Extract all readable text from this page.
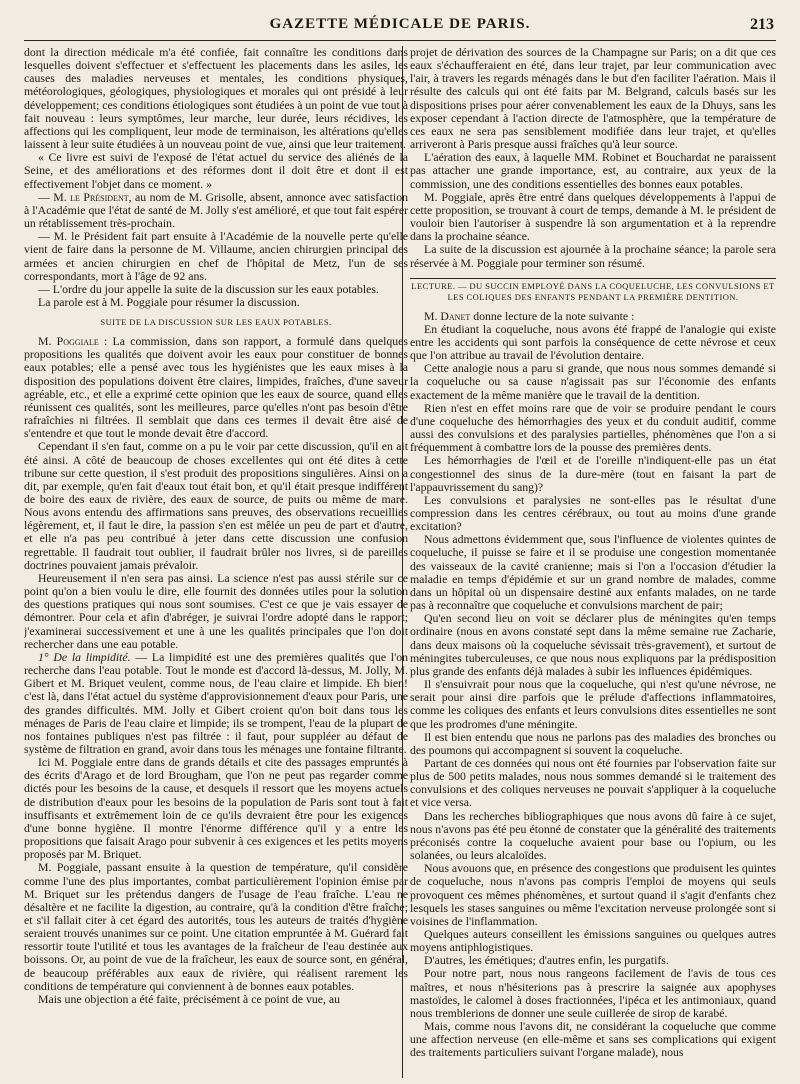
GAZETTE MÉDICALE DE PARIS.	213

dont la direction médicale m'a été confiée, fait connaître les conditions dans lesquelles doivent s'effectuer et s'effectuent les placements dans les asiles, les causes des maladies nerveuses et mentales, les conditions physiques, météorologiques, géologiques, physiologiques et morales qui ont présidé à leur développement; ces conditions étiologiques sont étudiées à un point de vue tout à fait nouveau : leurs symptômes, leur marche, leur durée, leurs récidives, les affections qui les compliquent, leur mode de terminaison, les altérations qu'elles laissent à leur suite étudiées à un nouveau point de vue, ainsi que leur traitement.

« Ce livre est suivi de l'exposé de l'état actuel du service des aliénés de la Seine, et des améliorations et des réformes dont il doit être et dont il est effectivement l'objet dans ce moment. »

— M. le Président, au nom de M. Grisolle, absent, annonce avec satisfaction à l'Académie que l'état de santé de M. Jolly s'est amélioré, et que tout fait espérer un rétablissement très-prochain.

— M. le Président fait part ensuite à l'Académie de la nouvelle perte qu'elle vient de faire dans la personne de M. Villaume, ancien chirurgien principal des armées et ancien chirurgien en chef de l'hôpital de Metz, l'un de ses correspondants, mort à l'âge de 92 ans.

— L'ordre du jour appelle la suite de la discussion sur les eaux potables.

La parole est à M. Poggiale pour résumer la discussion.

SUITE DE LA DISCUSSION SUR LES EAUX POTABLES.

M. Poggiale : La commission, dans son rapport, a formulé dans quelques propositions les qualités que doivent avoir les eaux pour constituer de bonnes eaux potables; elle a pensé avec tous les hygiénistes que les eaux mises à la disposition des populations doivent être claires, limpides, fraîches, d'une saveur agréable, etc., et elle a exprimé cette opinion que les eaux de source, quand elles réunissent ces qualités, sont les meilleures, parce qu'elles n'ont pas besoin d'être rafraîchies ni filtrées. Il semblait que dans ces termes il devait être aisé de s'entendre et que tout le monde devait être d'accord.

Cependant il s'en faut, comme on a pu le voir par cette discussion, qu'il en ait été ainsi. A côté de beaucoup de choses excellentes qui ont été dites à cette tribune sur cette question, il s'est produit des propositions singulières. Ainsi on a dit, par exemple, qu'en fait d'eaux tout était bon, et qu'il était presque indifférent de boire des eaux de rivière, des eaux de source, de puits ou même de mare. Nous avons entendu des affirmations sans preuves, des observations recueillies légèrement, et, il faut le dire, la passion s'en est mêlée un peu de part et d'autre, et elle n'a pas peu contribué à jeter dans cette discussion une confusion regrettable. Il faudrait tout oublier, il faudrait brûler nos livres, si de pareilles doctrines pouvaient jamais prévaloir.

Heureusement il n'en sera pas ainsi. La science n'est pas aussi stérile sur ce point qu'on a bien voulu le dire, elle fournit des données utiles pour la solution des questions pratiques qui nous sont soumises. C'est ce que je vais essayer de démontrer. Pour cela et afin d'abréger, je suivrai l'ordre adopté dans le rapport; j'examinerai successivement et une à une les qualités principales que l'on doit rechercher dans une eau potable.

1° De la limpidité. — La limpidité est une des premières qualités que l'on recherche dans l'eau potable. Tout le monde est d'accord là-dessus, M. Jolly, M. Gibert et M. Briquet veulent, comme nous, de l'eau claire et limpide. Eh bien! c'est là, dans l'état actuel du système d'approvisionnement d'eaux pour Paris, une des grandes difficultés. MM. Jolly et Gibert croient qu'on boit dans tous les ménages de Paris de l'eau claire et limpide; ils se trompent, l'eau de la plupart de nos fontaines publiques n'est pas filtrée : il faut, pour suppléer au défaut de système de filtration en grand, avoir dans tous les ménages une fontaine filtrante.

Ici M. Poggiale entre dans de grands détails et cite des passages empruntés à des écrits d'Arago et de lord Brougham, que l'on ne peut pas regarder comme dictés pour les besoins de la cause, et desquels il ressort que les moyens actuels de distribution d'eaux pour les besoins de la population de Paris sont tout à fait insuffisants et extrêmement loin de ce qu'ils devraient être pour les exigences d'une bonne hygiène. Il montre l'énorme différence qu'il y a entre les propositions que faisait Arago pour subvenir à ces exigences et les petits moyens proposés par M. Briquet.

M. Poggiale, passant ensuite à la question de température, qu'il considère comme l'une des plus importantes, combat particulièrement l'opinion émise par M. Briquet sur les prétendus dangers de l'usage de l'eau fraîche. L'eau ne désaltère et ne facilite la digestion, au contraire, qu'à la condition d'être fraîche; et s'il fallait citer à cet égard des autorités, tous les auteurs de traités d'hygiène seraient trouvés unanimes sur ce point. Une citation empruntée à M. Guérard fait ressortir toute l'utilité et tous les avantages de la fraîcheur de l'eau destinée aux boissons. Or, au point de vue de la fraîcheur, les eaux de source sont, en général, de beaucoup préférables aux eaux de rivière, qui réalisent rarement les conditions de température qui conviennent à de bonnes eaux potables.

Mais une objection a été faite, précisément à ce point de vue, au

projet de dérivation des sources de la Champagne sur Paris; on a dit que ces eaux s'échaufferaient en été, dans leur trajet, par leur communication avec l'air, à travers les regards ménagés dans le but d'en faciliter l'aération. Mais il résulte des calculs qui ont été faits par M. Belgrand, calculs basés sur les dispositions prises pour aérer convenablement les eaux de la Dhuys, sans les exposer cependant à l'action directe de l'atmosphère, que la température de ces eaux ne sera pas sensiblement modifiée dans leur trajet, et qu'elles arriveront à Paris presque aussi fraîches qu'à leur source.

L'aération des eaux, à laquelle MM. Robinet et Bouchardat ne paraissent pas attacher une grande importance, est, au contraire, aux yeux de la commission, une des conditions essentielles des bonnes eaux potables.

M. Poggiale, après être entré dans quelques développements à l'appui de cette proposition, se trouvant à court de temps, demande à M. le président de vouloir bien l'autoriser à suspendre là son argumentation et à la reprendre dans la prochaine séance.

La suite de la discussion est ajournée à la prochaine séance; la parole sera réservée à M. Poggiale pour terminer son résumé.

LECTURE. — DU SUCCIN EMPLOYÉ DANS LA COQUELUCHE, LES CONVULSIONS ET LES COLIQUES DES ENFANTS PENDANT LA PREMIÈRE DENTITION.

M. Danet donne lecture de la note suivante :

En étudiant la coqueluche, nous avons été frappé de l'analogie qui existe entre les accidents qui sont parfois la conséquence de cette névrose et ceux que l'on attribue au travail de l'évolution dentaire.

Cette analogie nous a paru si grande, que nous nous sommes demandé si la coqueluche ou sa cause n'agissait pas sur l'économie des enfants exactement de la même manière que le travail de la dentition.

Rien n'est en effet moins rare que de voir se produire pendant le cours d'une coqueluche des hémorrhagies des yeux et du conduit auditif, comme aussi des convulsions et des paralysies partielles, phénomènes que l'on a si fréquemment à combattre lors de la pousse des premières dents.

Les hémorrhagies de l'œil et de l'oreille n'indiquent-elle pas un état congestionnel des sinus de la dure-mère (tout en faisant la part de l'appauvrissement du sang)?

Les convulsions et paralysies ne sont-elles pas le résultat d'une compression dans les centres cérébraux, ou tout au moins d'une grande excitation?

Nous admettons évidemment que, sous l'influence de violentes quintes de coqueluche, il puisse se faire et il se produise une congestion momentanée des vaisseaux de la cavité cranienne; mais si l'on a l'occasion d'étudier la maladie en temps d'épidémie et sur un grand nombre de malades, comme dans un hôpital où un dispensaire destiné aux enfants malades, on ne tarde pas à reconnaître que coqueluche et convulsions marchent de pair;

Qu'en second lieu on voit se déclarer plus de méningites qu'en temps ordinaire (nous en avons constaté sept dans la même semaine rue Zacharie, dans deux maisons où la coqueluche sévissait très-gravement), et surtout de méningites tuberculeuses, ce que nous nous expliquons par la prédisposition plus grande des enfants déjà malades à subir les influences épidémiques.

Il s'ensuivrait pour nous que la coqueluche, qui n'est qu'une névrose, ne serait pour ainsi dire parfois que le prélude d'affections inflammatoires, comme les coliques des enfants et leurs convulsions dites essentielles ne sont que les prodromes d'une méningite.

Il est bien entendu que nous ne parlons pas des maladies des bronches ou des poumons qui accompagnent si souvent la coqueluche.

Partant de ces données qui nous ont été fournies par l'observation faite sur plus de 500 petits malades, nous nous sommes demandé si le traitement des convulsions et des coliques nerveuses ne pouvait s'appliquer à la coqueluche et vice versa.

Dans les recherches bibliographiques que nous avons dû faire à ce sujet, nous n'avons pas été peu étonné de constater que la généralité des traitements préconisés contre la coqueluche avaient pour base ou l'opium, ou les solanées, ou leurs alcaloïdes.

Nous avouons que, en présence des congestions que produisent les quintes de coqueluche, nous n'avons pas compris l'emploi de moyens qui seuls provoquent ces mêmes phénomènes, et surtout quand il s'agit d'enfants chez lesquels les stases sanguines ou même l'excitation nerveuse prolongée sont si voisines de l'inflammation.

Quelques auteurs conseillent les émissions sanguines ou quelques autres moyens antiphlogistiques.

D'autres, les émétiques; d'autres enfin, les purgatifs.

Pour notre part, nous nous rangeons facilement de l'avis de tous ces maîtres, et nous n'hésiterions pas à prescrire la saignée aux apophyses mastoïdes, le calomel à doses fractionnées, l'ipéca et les antimoniaux, quand nous tremblerions de donner une seule cuillerée de sirop de karabé.

Mais, comme nous l'avons dit, ne considérant la coqueluche que comme une affection nerveuse (en elle-même et sans ses complications qui exigent des traitements particuliers suivant l'organe malade), nous
